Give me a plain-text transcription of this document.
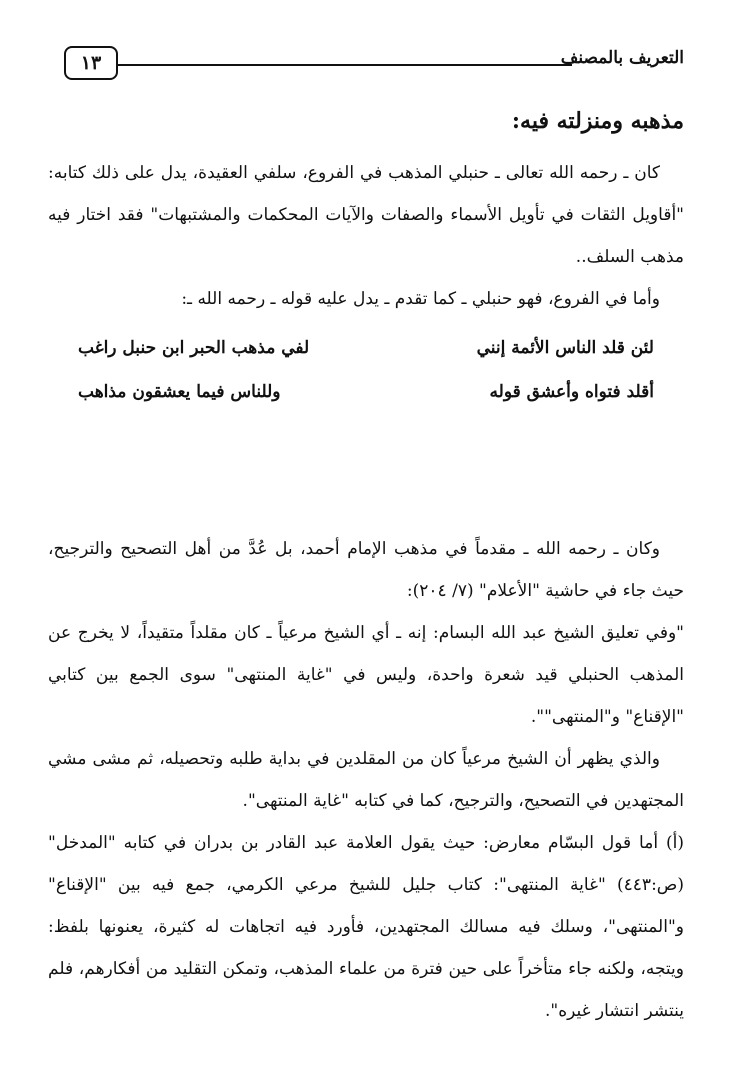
التعريف بالمصنف
١٣
مذهبه ومنزلته فيه:

كان ـ رحمه الله تعالى ـ حنبلي المذهب في الفروع، سلفي العقيدة، يدل على ذلك كتابه: "أقاويل الثقات في تأويل الأسماء والصفات والآيات المحكمات والمشتبهات" فقد اختار فيه مذهب السلف..

وأما في الفروع، فهو حنبلي ـ كما تقدم ـ يدل عليه قوله ـ رحمه الله ـ:

لئن قلد الناس الأئمة إنني
لفي مذهب الحبر ابن حنبل راغب
أقلد فتواه وأعشق قوله
وللناس فيما يعشقون مذاهب

وكان ـ رحمه الله ـ مقدماً في مذهب الإمام أحمد، بل عُدَّ من أهل التصحيح والترجيح، حيث جاء في حاشية "الأعلام" (٧/ ٢٠٤):

"وفي تعليق الشيخ عبد الله البسام: إنه ـ أي الشيخ مرعياً ـ كان مقلداً متقيداً، لا يخرج عن المذهب الحنبلي قيد شعرة واحدة، وليس في "غاية المنتهى" سوى الجمع بين كتابي "الإقناع" و"المنتهى"".

والذي يظهر أن الشيخ مرعياً كان من المقلدين في بداية طلبه وتحصيله، ثم مشى مشي المجتهدين في التصحيح، والترجيح، كما في كتابه "غاية المنتهى".

(أ) أما قول البسّام معارض: حيث يقول العلامة عبد القادر بن بدران في كتابه "المدخل" (ص:٤٤٣) "غاية المنتهى": كتاب جليل للشيخ مرعي الكرمي، جمع فيه بين "الإقناع" و"المنتهى"، وسلك فيه مسالك المجتهدين، فأورد فيه اتجاهات له كثيرة، يعنونها بلفظ: ويتجه، ولكنه جاء متأخراً على حين فترة من علماء المذهب، وتمكن التقليد من أفكارهم، فلم ينتشر انتشار غيره".
